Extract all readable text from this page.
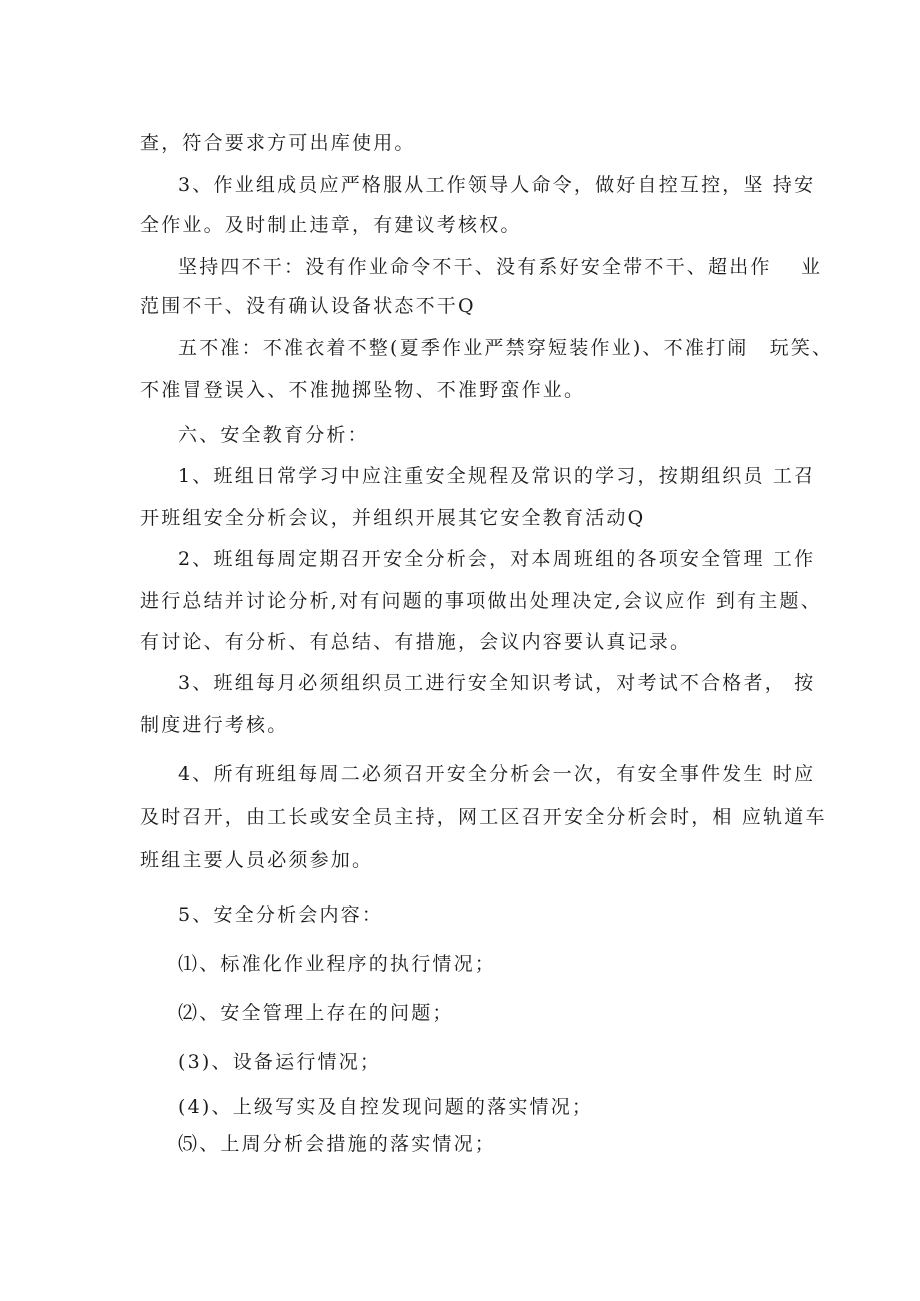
查，符合要求方可出库使用。
3、作业组成员应严格服从工作领导人命令，做好自控互控，坚 持安
全作业。及时制止违章，有建议考核权。
坚持四不干：没有作业命令不干、没有系好安全带不干、超出作　 业
范围不干、没有确认设备状态不干Q
五不准：不准衣着不整(夏季作业严禁穿短装作业)、不准打闹　玩笑、
不准冒登误入、不准抛掷坠物、不准野蛮作业。
六、安全教育分析：
1、班组日常学习中应注重安全规程及常识的学习，按期组织员 工召
开班组安全分析会议，并组织开展其它安全教育活动Q
2、班组每周定期召开安全分析会，对本周班组的各项安全管理 工作
进行总结并讨论分析,对有问题的事项做出处理决定,会议应作 到有主题、
有讨论、有分析、有总结、有措施，会议内容要认真记录。
3、班组每月必须组织员工进行安全知识考试，对考试不合格者， 按
制度进行考核。
4、所有班组每周二必须召开安全分析会一次，有安全事件发生 时应
及时召开，由工长或安全员主持，网工区召开安全分析会时，相 应轨道车
班组主要人员必须参加。
5、安全分析会内容：
⑴、标准化作业程序的执行情况；
⑵、安全管理上存在的问题；
(3)、设备运行情况；
(4)、上级写实及自控发现问题的落实情况；
⑸、上周分析会措施的落实情况；
